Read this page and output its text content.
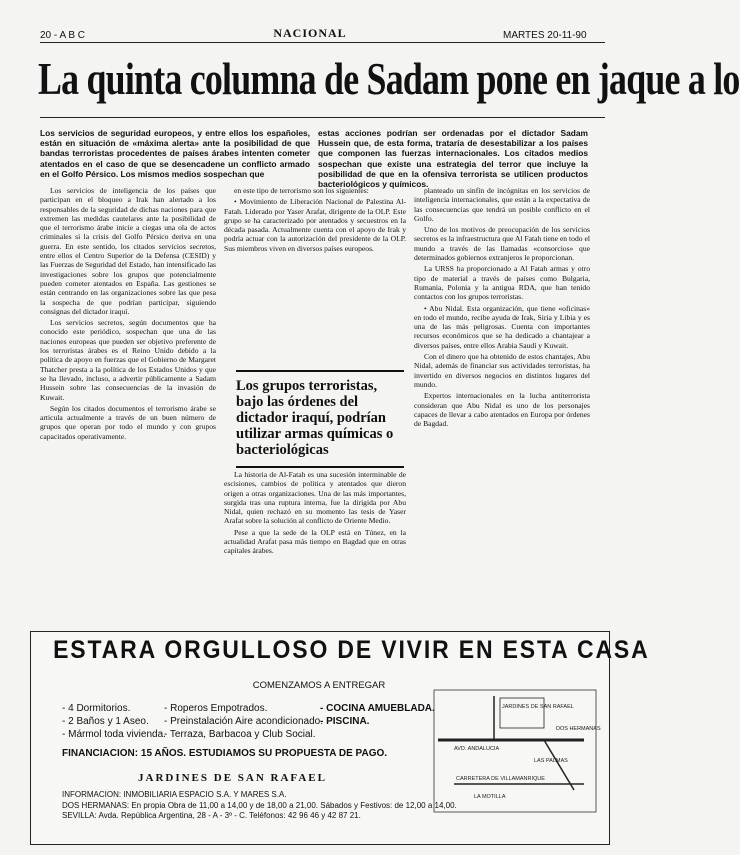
20 - A B C	NACIONAL	MARTES 20-11-90
La quinta columna de Sadam pone en jaque a lo
Los servicios de seguridad europeos, y entre ellos los españoles, están en situación de «máxima alerta» ante la posibilidad de que bandas terroristas procedentes de países árabes intenten cometer atentados en el caso de que se desencadene un conflicto armado en el Golfo Pérsico. Los mismos medios sospechan que
estas acciones podrían ser ordenadas por el dictador Sadam Hussein que, de esta forma, trataría de desestabilizar a los países que componen las fuerzas internacionales. Los citados medios sospechan que existe una estrategia del terror que incluye la posibilidad de que en la ofensiva terrorista se utilicen productos bacteriológicos y químicos.

Los servicios de inteligencia de los países que participan en el bloqueo a Irak han alertado a los responsables de la seguridad de dichas naciones para que extremen las medidas cautelares ante la posibilidad de que el terrorismo árabe inicie a ciegas una ola de actos criminales si la crisis del Golfo Pérsico deriva en una guerra. En este sentido, los citados servicios secretos, entre ellos el Centro Superior de la Defensa (CESID) y las Fuerzas de Seguridad del Estado, han intensificado las investigaciones sobre los grupos que potencialmente pueden cometer atentados en España. Las gestiones se están centrando en las organizaciones sobre las que pesa la sospecha de que podrían participar, siguiendo consignas del dictador iraquí.

Los servicios secretos, según documentos que ha conocido este periódico, sospechan que una de las naciones europeas que pueden ser objetivo preferente de los terroristas árabes es el Reino Unido debido a la política de apoyo en fuerzas que el Gobierno de Margaret Thatcher presta a la política de los Estados Unidos y que se ha llevado, incluso, a advertir públicamente a Sadam Hussein sobre las consecuencias de la invasión de Kuwait.

Según los citados documentos el terrorismo árabe se articula actualmente a través de un buen número de grupos que operan por todo el mundo y con grupos capacitados operativamente.

en este tipo de terrorismo son los siguientes:

• Movimiento de Liberación Nacional de Palestina Al-Fatah. Liderado por Yaser Arafat, dirigente de la OLP. Este grupo se ha caracterizado por atentados y secuestros en la década pasada. Actualmente cuenta con el apoyo de Irak y podría actuar con la autorización del presidente de la OLP. Sus miembros viven en diversos países europeos.

Los grupos terroristas, bajo las órdenes del dictador iraquí, podrían utilizar armas químicas o bacteriológicas

La historia de Al-Fatah es una sucesión interminable de escisiones, cambios de política y atentados que dieron origen a otras organizaciones. Una de las más importantes, surgida tras una ruptura interna, fue la dirigida por Abu Nidal, quien rechazó en su momento las tesis de Yaser Arafat sobre la solución al conflicto de Oriente Medio.

Pese a que la sede de la OLP está en Túnez, en la actualidad Arafat pasa más tiempo en Bagdad que en otras capitales árabes.

planteado un sinfín de incógnitas en los servicios de inteligencia internacionales, que están a la expectativa de las consecuencias que tendrá un posible conflicto en el Golfo.

Uno de los motivos de preocupación de los servicios secretos es la infraestructura que Al Fatah tiene en todo el mundo a través de las llamadas «consorcios» que determinados gobiernos extranjeros le proporcionan.

La URSS ha proporcionado a Al Fatah armas y otro tipo de material a través de países como Bulgaria, Rumania, Polonia y la antigua RDA, que han tenido contactos con los grupos terroristas.

• Abu Nidal. Esta organización, que tiene «oficinas» en todo el mundo, recibe ayuda de Irak, Siria y Libia y es una de las más peligrosas. Cuenta con importantes recursos económicos que se ha dedicado a chantajear a diversos países, entre ellos Arabia Saudí y Kuwait.

Con el dinero que ha obtenido de estos chantajes, Abu Nidal, además de financiar sus actividades terroristas, ha invertido en diversos negocios en distintos lugares del mundo.

Expertos internacionales en la lucha antiterrorista consideran que Abu Nidal es uno de los personajes capaces de llevar a cabo atentados en Europa por órdenes de Bagdad.

ESTARA ORGULLOSO DE VIVIR EN ESTA CASA
COMENZAMOS A ENTREGAR
- 4 Dormitorios.
- 2 Baños y 1 Aseo.
- Mármol toda vivienda.
- Roperos Empotrados.
- Preinstalación Aire acondicionado.
- Terraza, Barbacoa y Club Social.
- COCINA AMUEBLADA.
- PISCINA.
FINANCIACION: 15 AÑOS. ESTUDIAMOS SU PROPUESTA DE PAGO.
JARDINES DE SAN RAFAEL
INFORMACION: INMOBILIARIA ESPACIO S.A. Y MARES S.A.
DOS HERMANAS: En propia Obra de 11,00 a 14,00 y de 18,00 a 21,00. Sábados y Festivos: de 12,00 a 14,00.
SEVILLA: Avda. República Argentina, 28 - A - 3º - C. Teléfonos: 42 96 46 y 42 87 21.
JARDINES DE SAN RAFAEL
AVD. ANDALUCIA
LAS PALMAS
CARRETERA DE VILLAMANRIQUE
LA MOTILLA
DOS HERMANAS
